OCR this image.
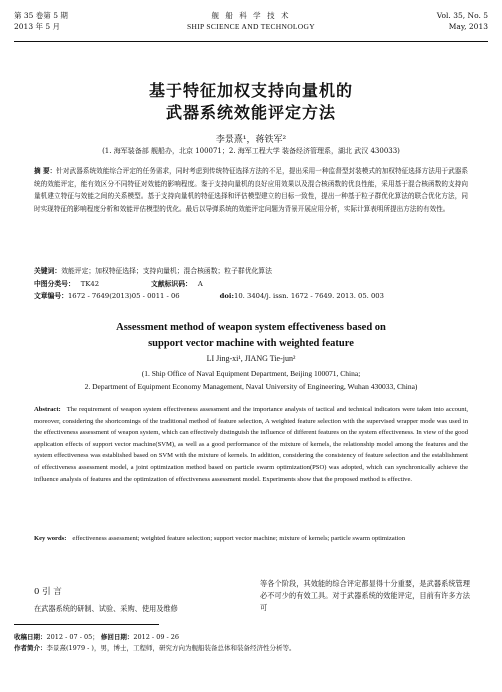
第 35 卷第 5 期	舰 船 科 学 技 术	Vol. 35, No. 5
2013 年 5 月	SHIP SCIENCE AND TECHNOLOGY	May, 2013
基于特征加权支持向量机的
武器系统效能评定方法
李景熹¹，蒋铁军²
(1. 海军装备部 舰船办，北京 100071；2. 海军工程大学 装备经济管理系，湖北 武汉 430033)
摘 要：针对武器系统效能综合评定的任务需求，同时考虑到传统特征选择方法的不足，提出采用一种监督型封装模式的加权特征选择方法用于武器系统的效能评定，能有效区分不同特征对效能的影响程度。鉴于支持向量机的良好应用效果以及混合核函数的优良性能，采用基于混合核函数的支持向量机建立特征与效能之间的关系模型。基于支持向量机的特征选择和评估模型建立的目标一致性，提出一种基于粒子群优化算法的联合优化方法，同时实现特征的影响程度分析和效能评估模型的优化。最后以导弹系统的效能评定问题为背景开展应用分析，实际计算表明所提出方法的有效性。
关键词：效能评定；加权特征选择；支持向量机；混合核函数；粒子群优化算法
中图分类号： TK42	文献标识码： A
文章编号： 1672 - 7649(2013)05 - 0011 - 06	doi:10. 3404/j. issn. 1672 - 7649. 2013. 05. 003
Assessment method of weapon system effectiveness based on
support vector machine with weighted feature
LI Jing-xi¹, JIANG Tie-jun²
(1. Ship Office of Naval Equipment Department, Beijing 100071, China;
2. Department of Equipment Economy Management, Naval University of Engineering, Wuhan 430033, China)
Abstract: The requirement of weapon system effectiveness assessment and the importance analysis of tactical and technical indicators were taken into account, moreover, considering the shortcomings of the traditional method of feature selection, A weighted feature selection with the supervised wrapper mode was used in the effectiveness assessment of weapon system, which can effectively distinguish the influence of different features on the system effectiveness. In view of the good application effects of support vector machine(SVM), as well as a good performance of the mixture of kernels, the relationship model among the features and the system effectiveness was established based on SVM with the mixture of kernels. In addition, considering the consistency of feature selection and the establishment of effectiveness assessment model, a joint optimization method based on particle swarm optimization(PSO) was adopted, which can synchronically achieve the influence analysis of features and the optimization of effectiveness assessment model. Experiments show that the proposed method is effective.
Key words: effectiveness assessment; weighted feature selection; support vector machine; mixture of kernels; particle swarm optimization
0 引 言
在武器系统的研制、试验、采购、使用及维修
等各个阶段，其效能的综合评定都显得十分重要，是武器系统管理必不可少的有效工具。对于武器系统的效能评定，目前有许多方法可
收稿日期：2012 - 07 - 05； 修回日期：2012 - 09 - 26
作者简介：李景熹(1979 - )，男，博士，工程师，研究方向为舰船装备总体和装备经济性分析等。
